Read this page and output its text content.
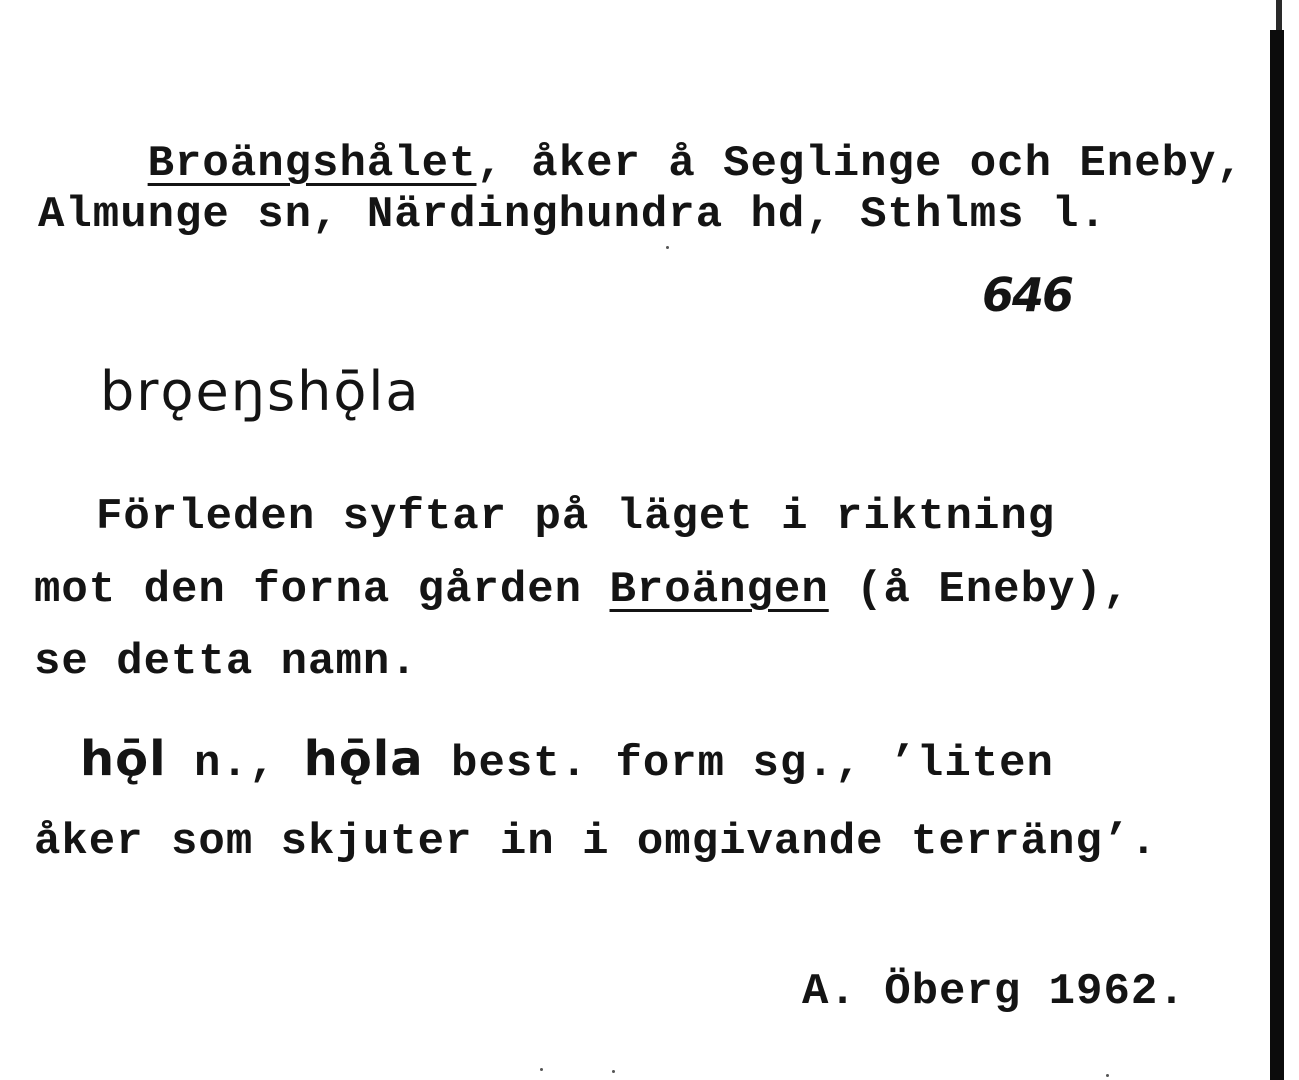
Broängshålet, åker å Seglinge och Eneby,

Almunge sn, Närdinghundra hd, Sthlms l.
646
brǫeŋshǭla
Förleden syftar på läget i riktning
mot den forna gården Broängen (å Eneby),
se detta namn.
hǭl n., hǭla best. form sg., ’liten
åker som skjuter in i omgivande terräng’.
A. Öberg 1962.
